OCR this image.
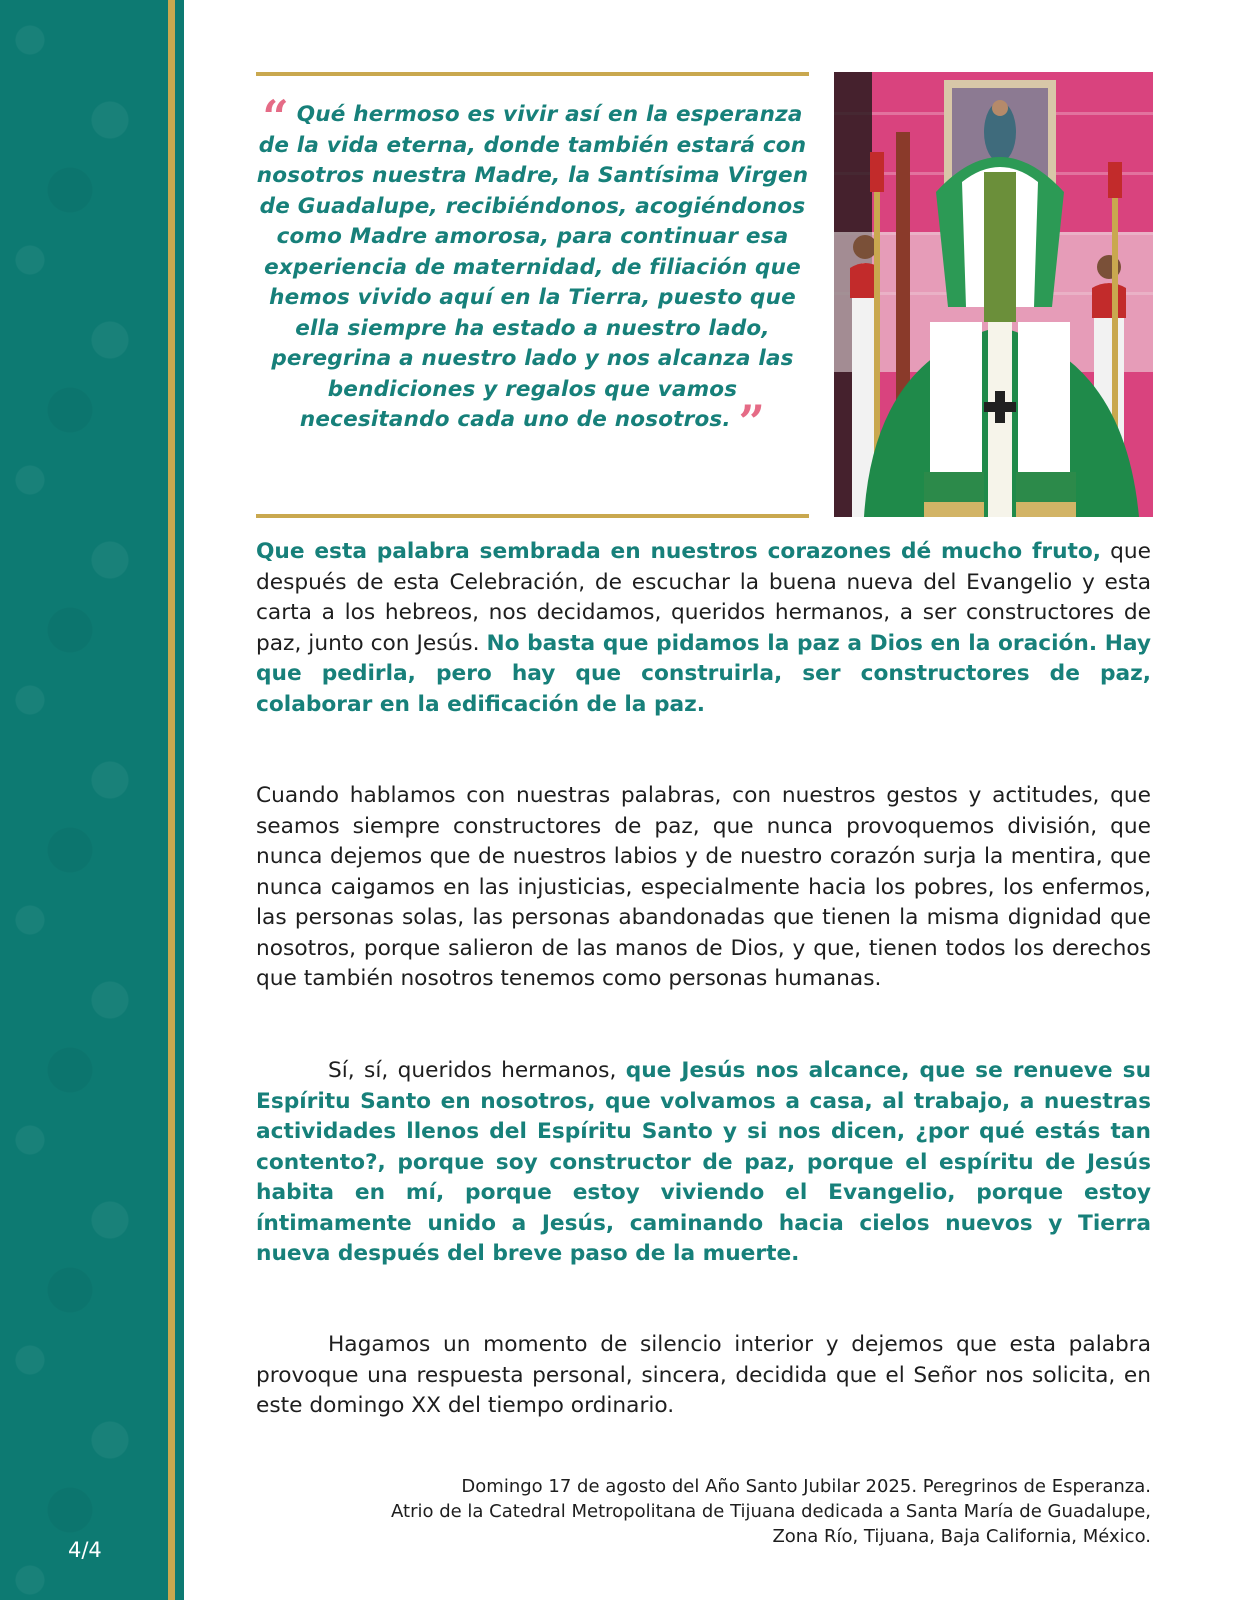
4/4
“ Qué hermoso es vivir así en la esperanza de la vida eterna, donde también estará con nosotros nuestra Madre, la Santísima Virgen de Guadalupe, recibiéndonos, acogiéndonos como Madre amorosa, para continuar esa experiencia de maternidad, de filiación que hemos vivido aquí en la Tierra, puesto que ella siempre ha estado a nuestro lado, peregrina a nuestro lado y nos alcanza las bendiciones y regalos que vamos necesitando cada uno de nosotros. ”

Que esta palabra sembrada en nuestros corazones dé mucho fruto, que después de esta Celebración, de escuchar la buena nueva del Evangelio y esta carta a los hebreos, nos decidamos, queridos hermanos, a ser constructores de paz, junto con Jesús. No basta que pidamos la paz a Dios en la oración. Hay que pedirla, pero hay que construirla, ser constructores de paz, colaborar en la edificación de la paz.

Cuando hablamos con nuestras palabras, con nuestros gestos y actitudes, que seamos siempre constructores de paz, que nunca provoquemos división, que nunca dejemos que de nuestros labios y de nuestro corazón surja la mentira, que nunca caigamos en las injusticias, especialmente hacia los pobres, los enfermos, las personas solas, las personas abandonadas que tienen la misma dignidad que nosotros, porque salieron de las manos de Dios, y que, tienen todos los derechos que también nosotros tenemos como personas humanas.

Sí, sí, queridos hermanos, que Jesús nos alcance, que se renueve su Espíritu Santo en nosotros, que volvamos a casa, al trabajo, a nuestras actividades llenos del Espíritu Santo y si nos dicen, ¿por qué estás tan contento?, porque soy constructor de paz, porque el espíritu de Jesús habita en mí, porque estoy viviendo el Evangelio, porque estoy íntimamente unido a Jesús, caminando hacia cielos nuevos y Tierra nueva después del breve paso de la muerte.

Hagamos un momento de silencio interior y dejemos que esta palabra provoque una respuesta personal, sincera, decidida que el Señor nos solicita, en este domingo XX del tiempo ordinario.

Domingo 17 de agosto del Año Santo Jubilar 2025. Peregrinos de Esperanza.
Atrio de la Catedral Metropolitana de Tijuana dedicada a Santa María de Guadalupe,
Zona Río, Tijuana, Baja California, México.
